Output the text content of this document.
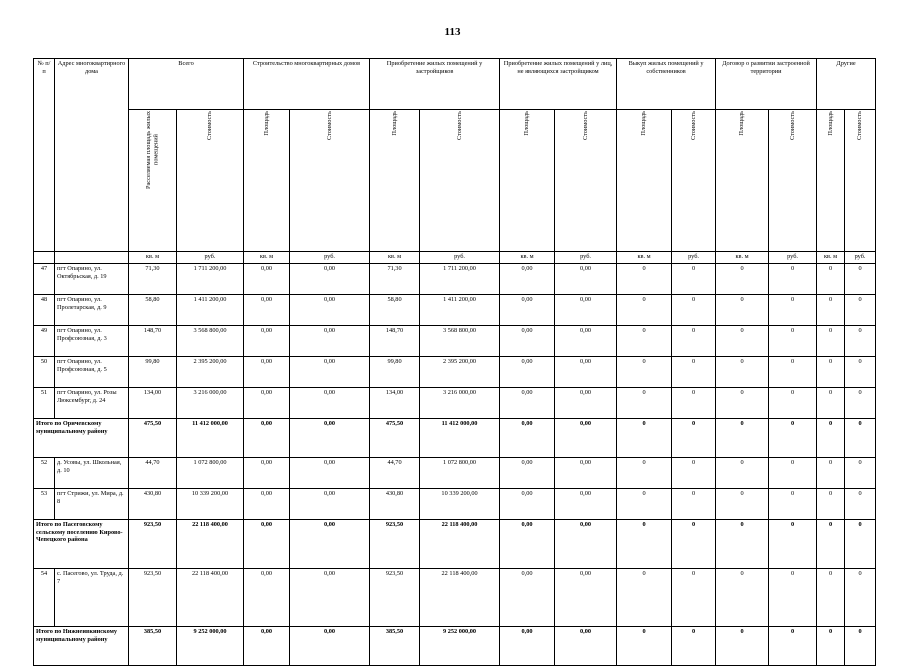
113
№ п/п	Адрес многоквартирного дома	Всего		Строительство многоквартирных домов		Приобретение жилых помещений у застройщиков		Приобретение жилых помещений у лиц, не являющихся застройщиком		Выкуп жилых помещений у собственников		Договор о развитии застроенной территории		Другие	
		Расселяемая площадь жилых помещений	Стоимость	Площадь	Стоимость	Площадь	Стоимость	Площадь	Стоимость	Площадь	Стоимость	Площадь	Стоимость	Площадь	Стоимость
		кв. м	руб.	кв. м	руб.	кв. м	руб.	кв. м	руб.	кв. м	руб.	кв. м	руб.	кв. м	руб.
47	пгт Опарино, ул. Октябрьская, д. 19	71,30	1 711 200,00	0,00	0,00	71,30	1 711 200,00	0,00	0,00	0	0	0	0	0	0
48	пгт Опарино, ул. Пролетарская, д. 9	58,80	1 411 200,00	0,00	0,00	58,80	1 411 200,00	0,00	0,00	0	0	0	0	0	0
49	пгт Опарино, ул. Профсоюзная, д. 3	148,70	3 568 800,00	0,00	0,00	148,70	3 568 800,00	0,00	0,00	0	0	0	0	0	0
50	пгт Опарино, ул. Профсоюзная, д. 5	99,80	2 395 200,00	0,00	0,00	99,80	2 395 200,00	0,00	0,00	0	0	0	0	0	0
51	пгт Опарино, ул. Розы Люксембург, д. 24	134,00	3 216 000,00	0,00	0,00	134,00	3 216 000,00	0,00	0,00	0	0	0	0	0	0
Итого по Оричевскому муниципальному району		475,50	11 412 000,00	0,00	0,00	475,50	11 412 000,00	0,00	0,00	0	0	0	0	0	0
52	д. Усовы, ул. Школьная, д. 10	44,70	1 072 800,00	0,00	0,00	44,70	1 072 800,00	0,00	0,00	0	0	0	0	0	0
53	пгт Стрижи, ул. Мира, д. 8	430,80	10 339 200,00	0,00	0,00	430,80	10 339 200,00	0,00	0,00	0	0	0	0	0	0
Итого по Пасеговскому сельскому поселению Кирово-Чепецкого района		923,50	22 118 400,00	0,00	0,00	923,50	22 118 400,00	0,00	0,00	0	0	0	0	0	0
54	с. Пасегово, ул. Труда, д. 7	923,50	22 118 400,00	0,00	0,00	923,50	22 118 400,00	0,00	0,00	0	0	0	0	0	0
Итого по Нижнеивкинскому муниципальному району		385,50	9 252 000,00	0,00	0,00	385,50	9 252 000,00	0,00	0,00	0	0	0	0	0	0
